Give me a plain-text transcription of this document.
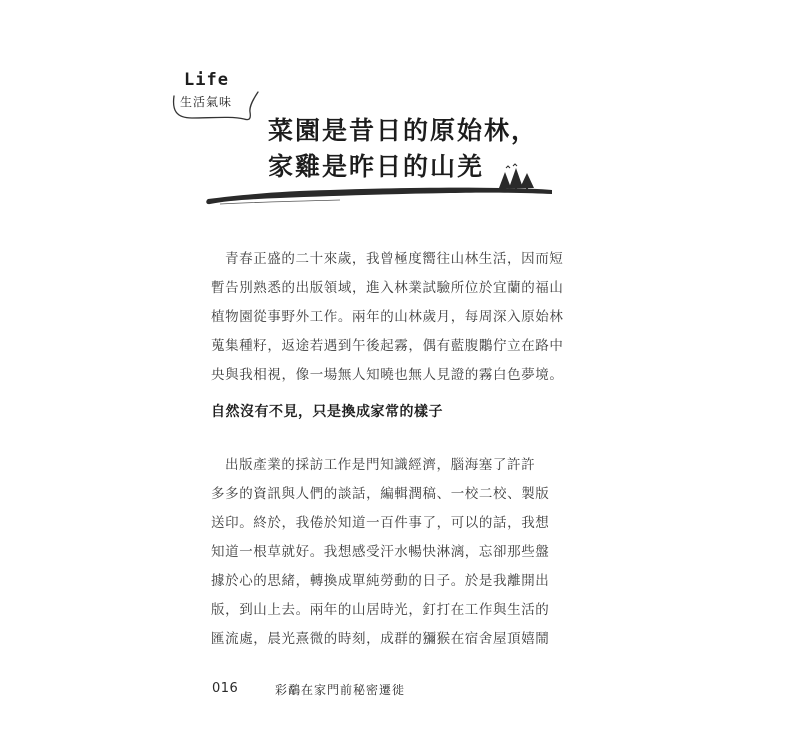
Life
生活氣味
菜園是昔日的原始林，
家雞是昨日的山羌
青春正盛的二十來歲，我曾極度嚮往山林生活，因而短
暫告別熟悉的出版領域，進入林業試驗所位於宜蘭的福山
植物園從事野外工作。兩年的山林歲月，每周深入原始林
蒐集種籽，返途若遇到午後起霧，偶有藍腹鷴佇立在路中
央與我相視，像一場無人知曉也無人見證的霧白色夢境。
自然沒有不見，只是換成家常的樣子
出版產業的採訪工作是門知識經濟，腦海塞了許許
多多的資訊與人們的談話，編輯潤稿、一校二校、製版
送印。終於，我倦於知道一百件事了，可以的話，我想
知道一根草就好。我想感受汗水暢快淋漓，忘卻那些盤
據於心的思緒，轉換成單純勞動的日子。於是我離開出
版，到山上去。兩年的山居時光，釘打在工作與生活的
匯流處，晨光熹微的時刻，成群的獼猴在宿舍屋頂嬉鬧
016	彩鷸在家門前秘密遷徙
